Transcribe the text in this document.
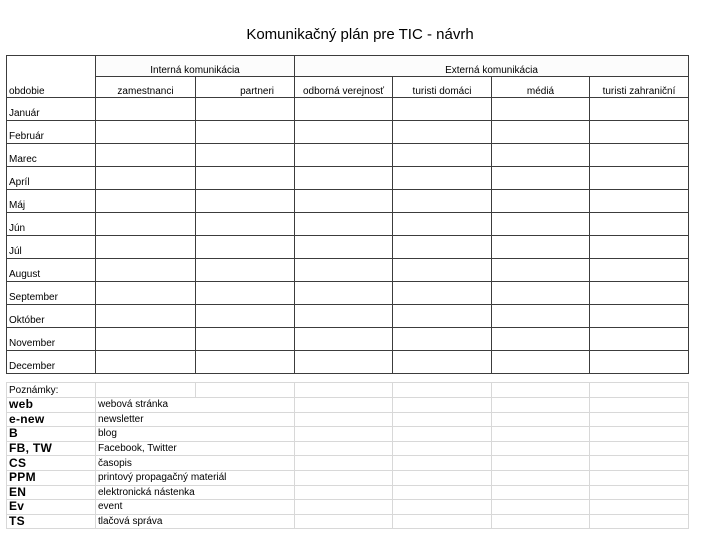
Komunikačný plán pre TIC - návrh
	Interná komunikácia		Externá komunikácia			
obdobie	zamestnanci	partneri	odborná verejnosť	turisti domáci	médiá	turisti zahraniční
Január						
Február						
Marec						
Apríl						
Máj						
Jún						
Júl						
August						
September						
Október						
November						
December						
Poznámky:						
web	webová stránka					
e-new	newsletter					
B	blog					
FB, TW	Facebook, Twitter					
CS	časopis					
PPM	printový propagačný materiál					
EN	elektronická nástenka					
Ev	event					
TS	tlačová správa					
